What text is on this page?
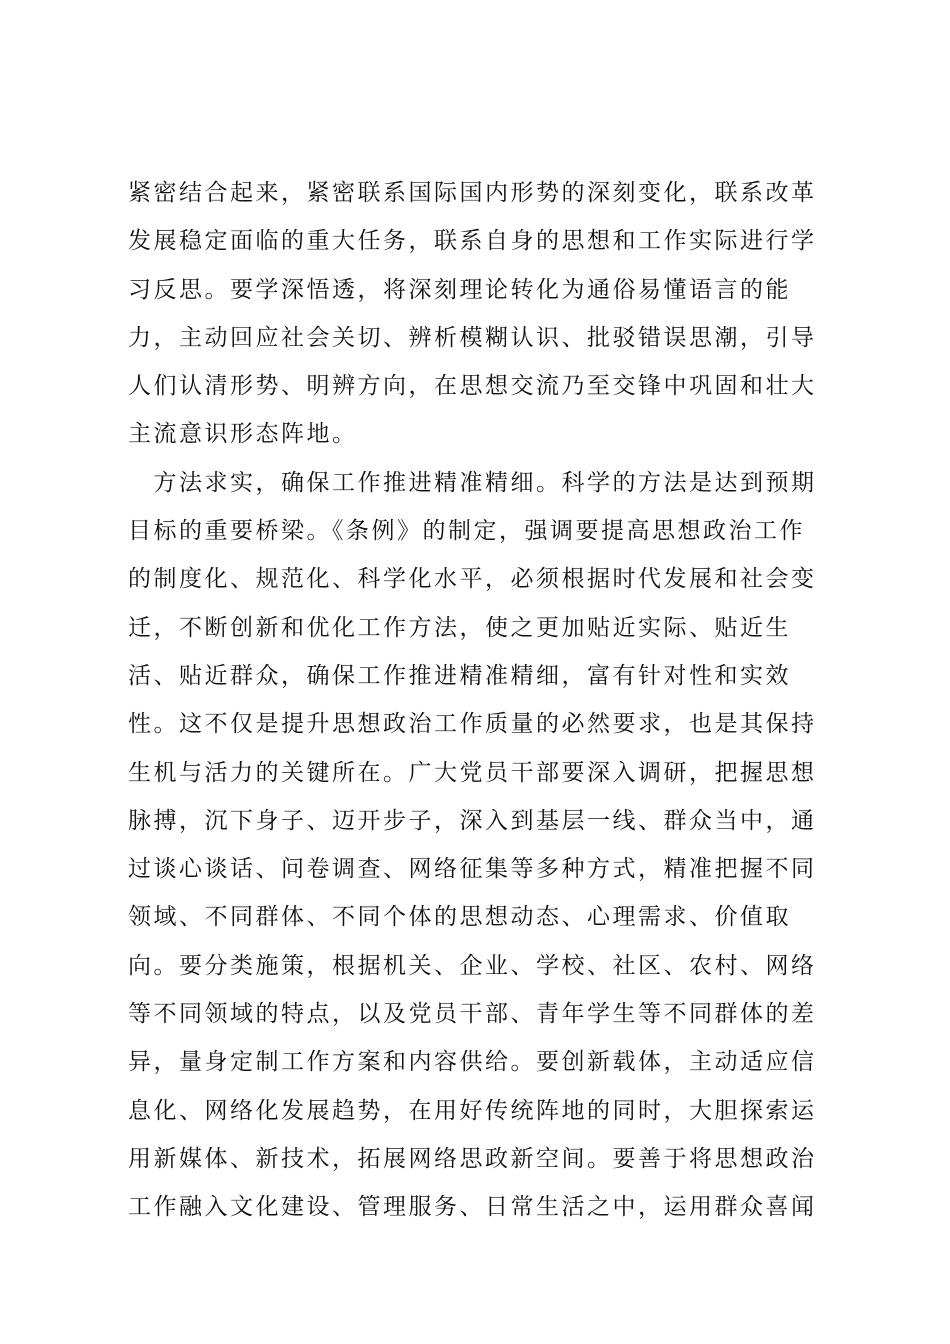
紧密结合起来，紧密联系国际国内形势的深刻变化，联系改革
发展稳定面临的重大任务，联系自身的思想和工作实际进行学
习反思。要学深悟透，将深刻理论转化为通俗易懂语言的能
力，主动回应社会关切、辨析模糊认识、批驳错误思潮，引导
人们认清形势、明辨方向，在思想交流乃至交锋中巩固和壮大
主流意识形态阵地。
　方法求实，确保工作推进精准精细。科学的方法是达到预期
目标的重要桥梁。《条例》的制定，强调要提高思想政治工作
的制度化、规范化、科学化水平，必须根据时代发展和社会变
迁，不断创新和优化工作方法，使之更加贴近实际、贴近生
活、贴近群众，确保工作推进精准精细，富有针对性和实效
性。这不仅是提升思想政治工作质量的必然要求，也是其保持
生机与活力的关键所在。广大党员干部要深入调研，把握思想
脉搏，沉下身子、迈开步子，深入到基层一线、群众当中，通
过谈心谈话、问卷调查、网络征集等多种方式，精准把握不同
领域、不同群体、不同个体的思想动态、心理需求、价值取
向。要分类施策，根据机关、企业、学校、社区、农村、网络
等不同领域的特点，以及党员干部、青年学生等不同群体的差
异，量身定制工作方案和内容供给。要创新载体，主动适应信
息化、网络化发展趋势，在用好传统阵地的同时，大胆探索运
用新媒体、新技术，拓展网络思政新空间。要善于将思想政治
工作融入文化建设、管理服务、日常生活之中，运用群众喜闻
